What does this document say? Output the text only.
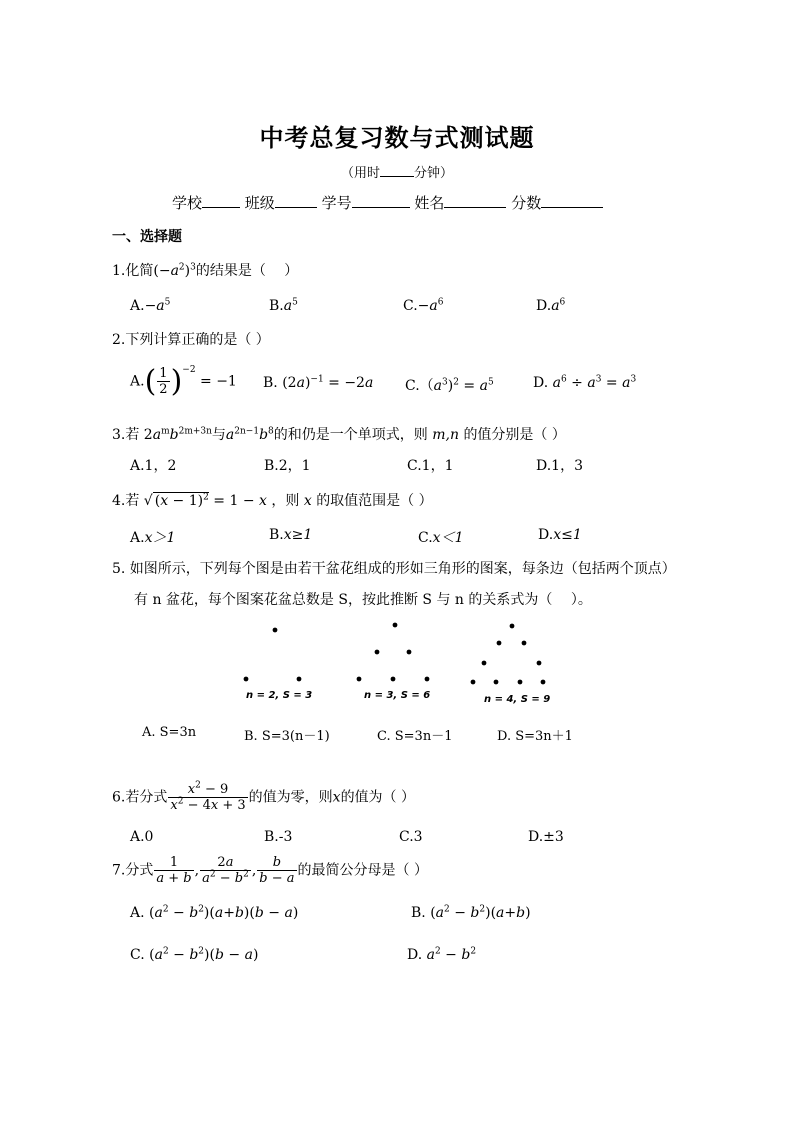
中考总复习数与式测试题
（用时	分钟）
学校	班级	学号	姓名	分数
一、选择题
1.化简$(-a^2)^3$的结果是（　 ）
$A.-a^5$	$B.a^5$	$C.-a^6$	$D.a^6$
2.下列计算正确的是（ ）
$A.( \frac{1}{2} )^{-2} = -1$ B. $(2a)^{-1} = -2a$ $C.(a^3)^2 = a^5$	D. $a^6 \div a^3 = a^3$
3.若 $2a^mb^{2m+3n}$与$a^{2n-1}b^8$的和仍是一个单项式，则 m,n 的值分别是（ ）
A.1，2	B.2，1	C.1，1	D.1，3
4.若 √ $(x - 1)^2 = 1 - x$ ，则 x 的取值范围是（ ）
A.x＞1	B.x≥1	C.x＜1	D.x≤1
5. 如图所示，下列每个图是由若干盆花组成的形如三角形的图案，每条边（包括两个顶点）
有 n 盆花，每个图案花盆总数是 S，按此推断 S 与 n 的关系式为（　 ）。
n = 2, S = 3	n = 3, S = 6	n = 4, S = 9
A. S=3n	B. S=3(n－1)	C. S=3n－1	D. S=3n＋1
6.若分式 $\frac{x^2 - 9}{x^2 - 4x + 3}$ 的值为零，则x的值为（ ）
A.0	B.-3	C.3	D.±3
7.分式 $\frac{1}{a + b}$ , $\frac{2a}{a^2 - b^2}$ , $\frac{b}{b - a}$ 的最简公分母是（ ）
A. $(a^2 - b^2)(a+b)(b - a)$	B. $(a^2 - b^2)(a+b)$
C. $(a^2 - b^2)(b - a)$	D. $a^2 - b^2$
